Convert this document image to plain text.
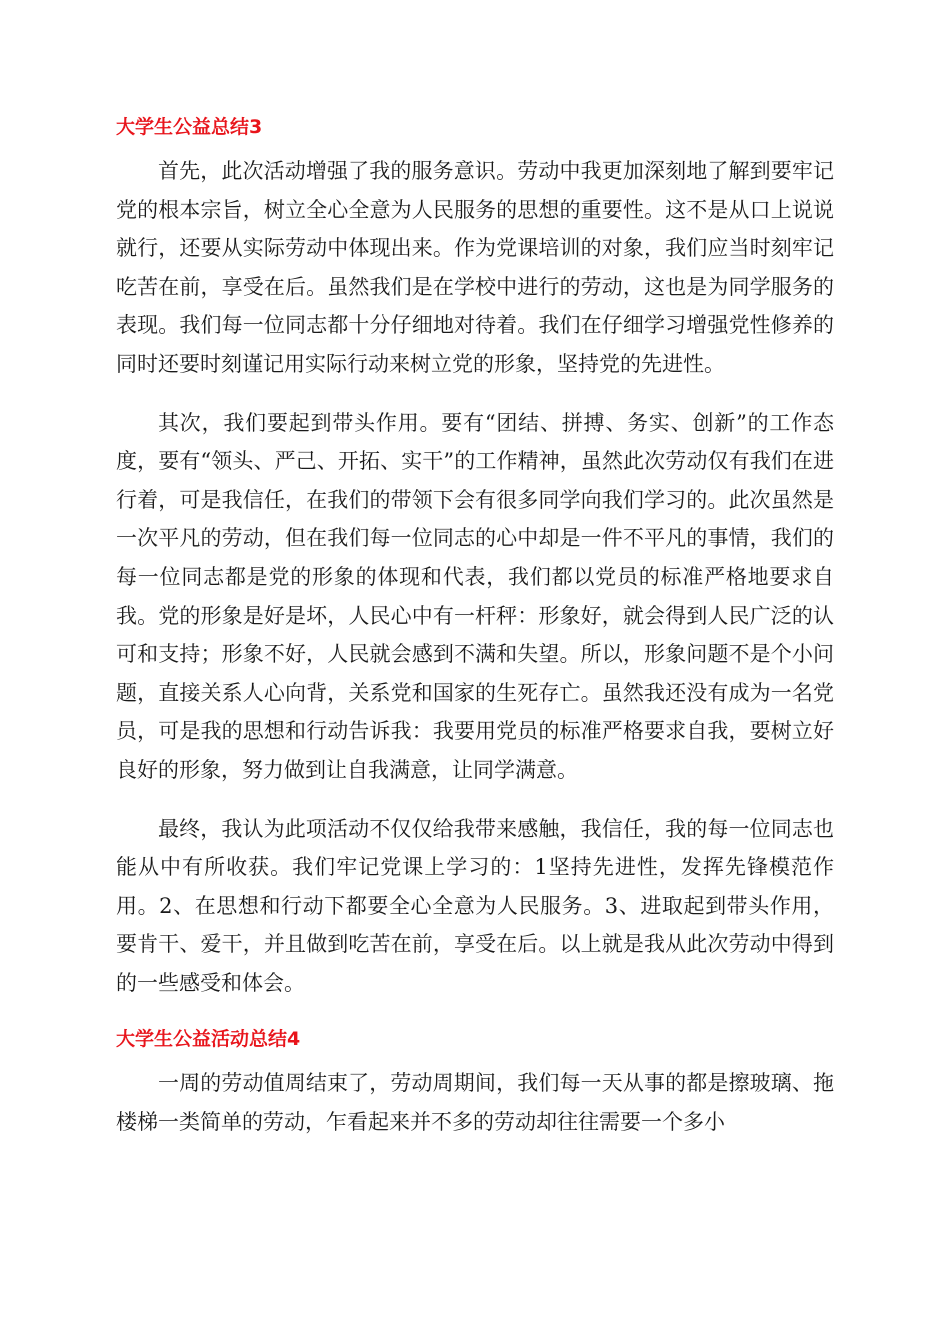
大学生公益总结3

首先，此次活动增强了我的服务意识。劳动中我更加深刻地了解到要牢记党的根本宗旨，树立全心全意为人民服务的思想的重要性。这不是从口上说说就行，还要从实际劳动中体现出来。作为党课培训的对象，我们应当时刻牢记吃苦在前，享受在后。虽然我们是在学校中进行的劳动，这也是为同学服务的表现。我们每一位同志都十分仔细地对待着。我们在仔细学习增强党性修养的同时还要时刻谨记用实际行动来树立党的形象，坚持党的先进性。

其次，我们要起到带头作用。要有“团结、拼搏、务实、创新”的工作态度，要有“领头、严己、开拓、实干”的工作精神，虽然此次劳动仅有我们在进行着，可是我信任，在我们的带领下会有很多同学向我们学习的。此次虽然是一次平凡的劳动，但在我们每一位同志的心中却是一件不平凡的事情，我们的每一位同志都是党的形象的体现和代表，我们都以党员的标准严格地要求自我。党的形象是好是坏，人民心中有一杆秤：形象好，就会得到人民广泛的认可和支持；形象不好，人民就会感到不满和失望。所以，形象问题不是个小问题，直接关系人心向背，关系党和国家的生死存亡。虽然我还没有成为一名党员，可是我的思想和行动告诉我：我要用党员的标准严格要求自我，要树立好良好的形象，努力做到让自我满意，让同学满意。

最终，我认为此项活动不仅仅给我带来感触，我信任，我的每一位同志也能从中有所收获。我们牢记党课上学习的：1坚持先进性，发挥先锋模范作用。2、在思想和行动下都要全心全意为人民服务。3、进取起到带头作用，要肯干、爱干，并且做到吃苦在前，享受在后。以上就是我从此次劳动中得到的一些感受和体会。

大学生公益活动总结4

一周的劳动值周结束了，劳动周期间，我们每一天从事的都是擦玻璃、拖楼梯一类简单的劳动，乍看起来并不多的劳动却往往需要一个多小
